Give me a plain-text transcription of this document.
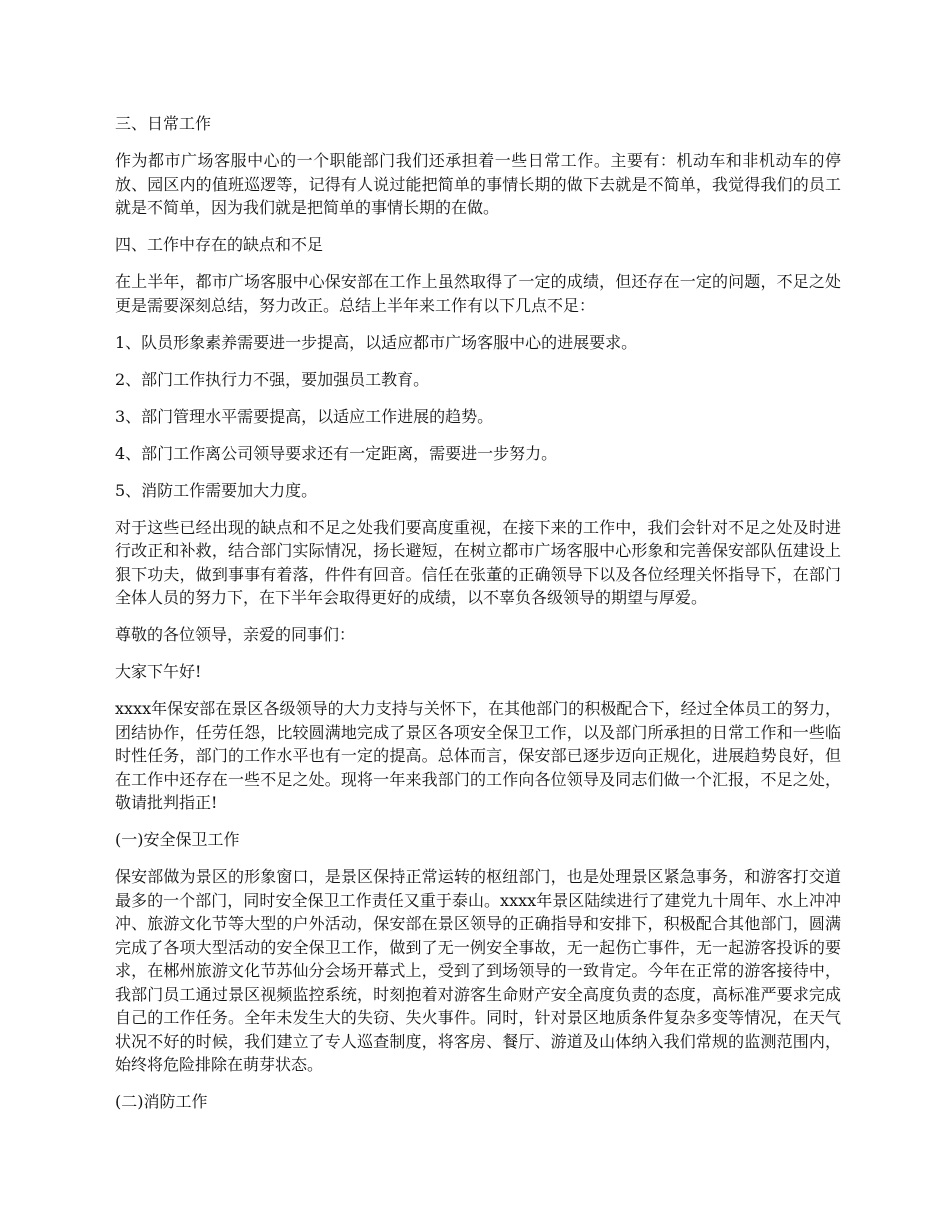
三、日常工作

作为都市广场客服中心的一个职能部门我们还承担着一些日常工作。主要有：机动车和非机动车的停放、园区内的值班巡逻等，记得有人说过能把简单的事情长期的做下去就是不简单，我觉得我们的员工就是不简单，因为我们就是把简单的事情长期的在做。

四、工作中存在的缺点和不足

在上半年，都市广场客服中心保安部在工作上虽然取得了一定的成绩，但还存在一定的问题，不足之处更是需要深刻总结，努力改正。总结上半年来工作有以下几点不足：

1、队员形象素养需要进一步提高，以适应都市广场客服中心的进展要求。

2、部门工作执行力不强，要加强员工教育。

3、部门管理水平需要提高，以适应工作进展的趋势。

4、部门工作离公司领导要求还有一定距离，需要进一步努力。

5、消防工作需要加大力度。

对于这些已经出现的缺点和不足之处我们要高度重视，在接下来的工作中，我们会针对不足之处及时进行改正和补救，结合部门实际情况，扬长避短，在树立都市广场客服中心形象和完善保安部队伍建设上狠下功夫，做到事事有着落，件件有回音。信任在张董的正确领导下以及各位经理关怀指导下，在部门全体人员的努力下，在下半年会取得更好的成绩，以不辜负各级领导的期望与厚爱。

尊敬的各位领导，亲爱的同事们：

大家下午好!

xxxx年保安部在景区各级领导的大力支持与关怀下，在其他部门的积极配合下，经过全体员工的努力，团结协作，任劳任怨，比较圆满地完成了景区各项安全保卫工作，以及部门所承担的日常工作和一些临时性任务，部门的工作水平也有一定的提高。总体而言，保安部已逐步迈向正规化，进展趋势良好，但在工作中还存在一些不足之处。现将一年来我部门的工作向各位领导及同志们做一个汇报，不足之处，敬请批判指正!

(一)安全保卫工作

保安部做为景区的形象窗口，是景区保持正常运转的枢纽部门，也是处理景区紧急事务，和游客打交道最多的一个部门，同时安全保卫工作责任又重于泰山。xxxx年景区陆续进行了建党九十周年、水上冲冲冲、旅游文化节等大型的户外活动，保安部在景区领导的正确指导和安排下，积极配合其他部门，圆满完成了各项大型活动的安全保卫工作，做到了无一例安全事故，无一起伤亡事件，无一起游客投诉的要求，在郴州旅游文化节苏仙分会场开幕式上，受到了到场领导的一致肯定。今年在正常的游客接待中，我部门员工通过景区视频监控系统，时刻抱着对游客生命财产安全高度负责的态度，高标准严要求完成自己的工作任务。全年未发生大的失窃、失火事件。同时，针对景区地质条件复杂多变等情况，在天气状况不好的时候，我们建立了专人巡查制度，将客房、餐厅、游道及山体纳入我们常规的监测范围内，始终将危险排除在萌芽状态。

(二)消防工作
